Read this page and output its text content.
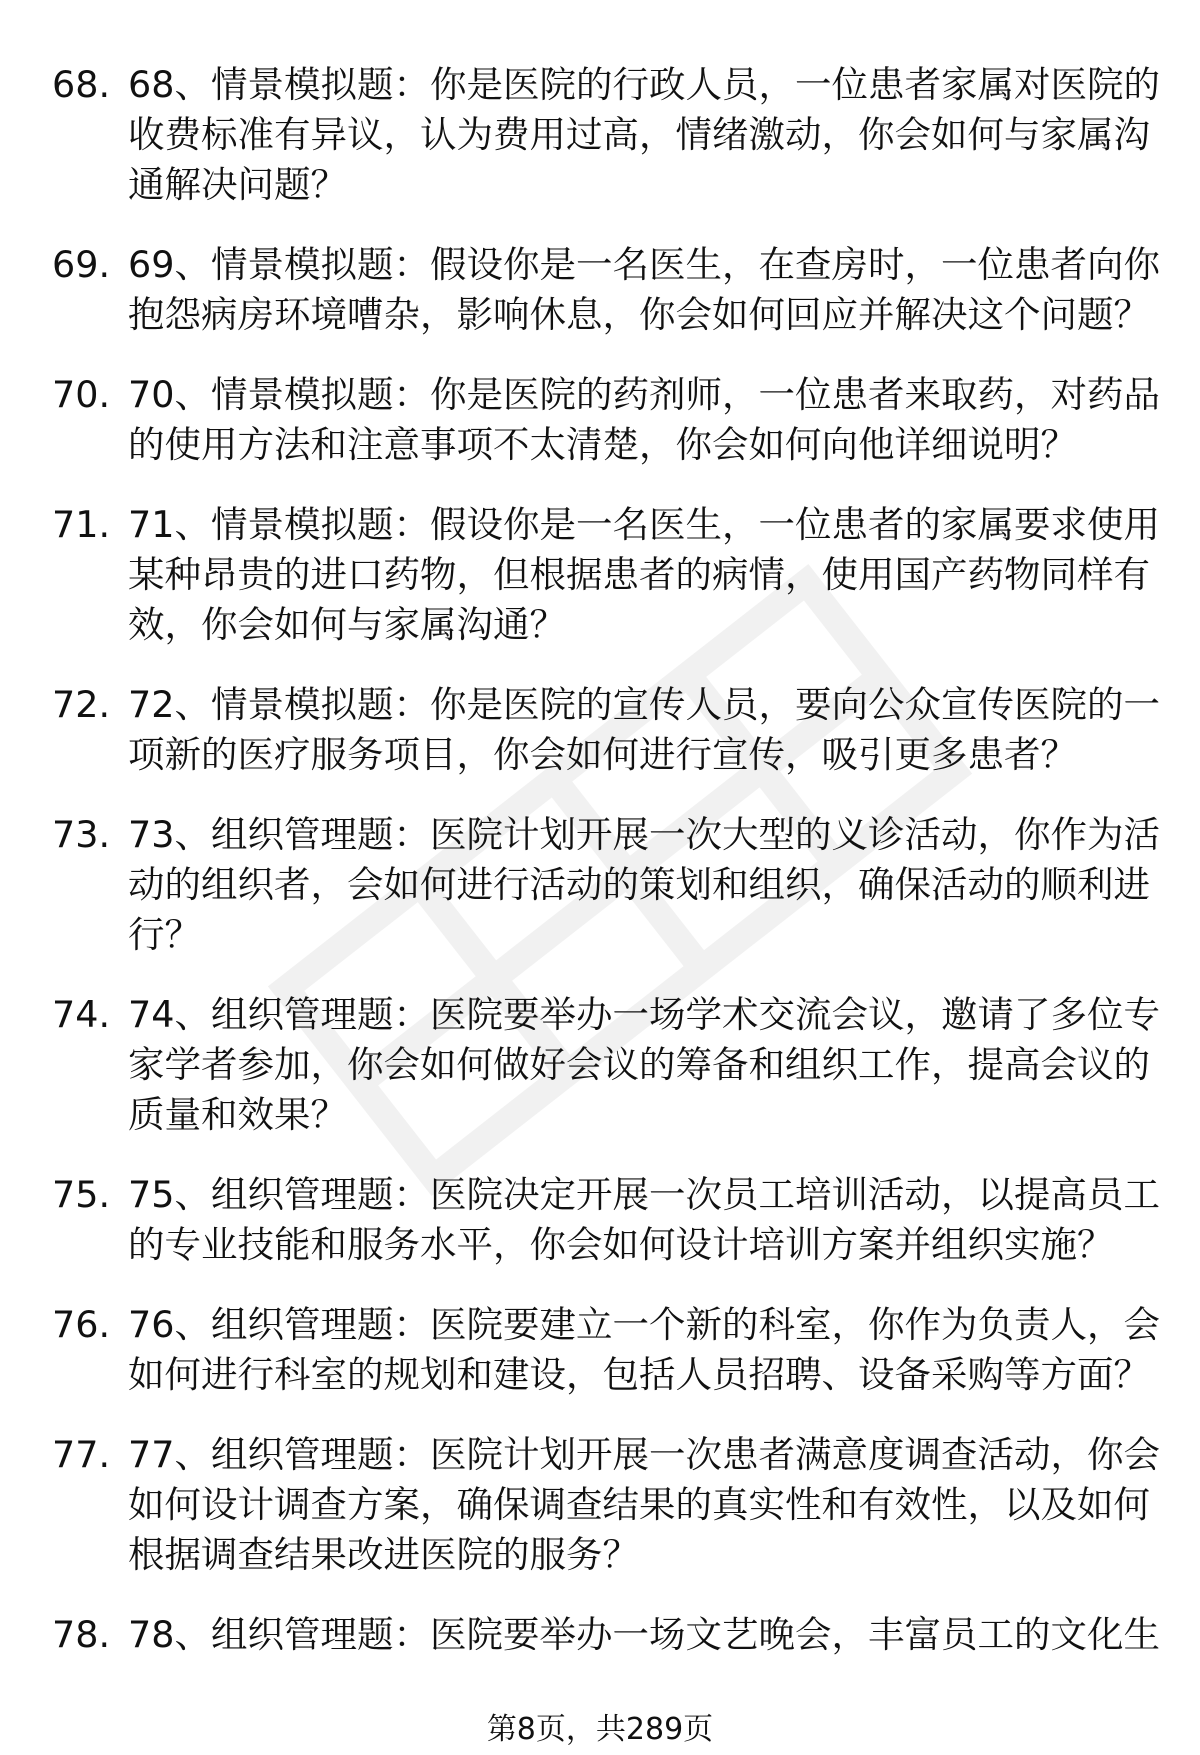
68. 68、情景模拟题：你是医院的行政人员，一位患者家属对医院的收费标准有异议，认为费用过高，情绪激动，你会如何与家属沟通解决问题？
69. 69、情景模拟题：假设你是一名医生，在查房时，一位患者向你抱怨病房环境嘈杂，影响休息，你会如何回应并解决这个问题？
70. 70、情景模拟题：你是医院的药剂师，一位患者来取药，对药品的使用方法和注意事项不太清楚，你会如何向他详细说明？
71. 71、情景模拟题：假设你是一名医生，一位患者的家属要求使用某种昂贵的进口药物，但根据患者的病情，使用国产药物同样有效，你会如何与家属沟通？
72. 72、情景模拟题：你是医院的宣传人员，要向公众宣传医院的一项新的医疗服务项目，你会如何进行宣传，吸引更多患者？
73. 73、组织管理题：医院计划开展一次大型的义诊活动，你作为活动的组织者，会如何进行活动的策划和组织，确保活动的顺利进行？
74. 74、组织管理题：医院要举办一场学术交流会议，邀请了多位专家学者参加，你会如何做好会议的筹备和组织工作，提高会议的质量和效果？
75. 75、组织管理题：医院决定开展一次员工培训活动，以提高员工的专业技能和服务水平，你会如何设计培训方案并组织实施？
76. 76、组织管理题：医院要建立一个新的科室，你作为负责人，会如何进行科室的规划和建设，包括人员招聘、设备采购等方面？
77. 77、组织管理题：医院计划开展一次患者满意度调查活动，你会如何设计调查方案，确保调查结果的真实性和有效性，以及如何根据调查结果改进医院的服务？
78. 78、组织管理题：医院要举办一场文艺晚会，丰富员工的文化生
第8页，共289页
